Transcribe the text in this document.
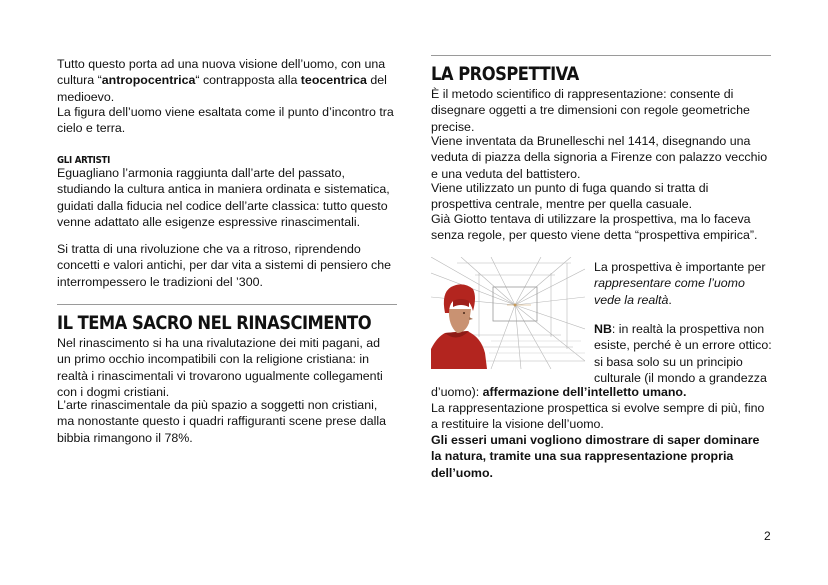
Tutto questo porta ad una nuova visione dell’uomo, con una cultura “antropocentrica“ contrapposta alla teocentrica del medioevo.

La figura dell’uomo viene esaltata come il punto d’incontro tra cielo e terra.

GLI ARTISTI

Eguagliano l’armonia raggiunta dall’arte del passato, studiando la cultura antica in maniera ordinata e sistematica, guidati dalla fiducia nel codice dell’arte classica: tutto questo venne adattato alle esigenze espressive rinascimentali.

Si tratta di una rivoluzione che va a ritroso, riprendendo concetti e valori antichi, per dar vita a sistemi di pensiero che interrompessero le tradizioni del ’300.

IL TEMA SACRO NEL RINASCIMENTO

Nel rinascimento si ha una rivalutazione dei miti pagani, ad un primo occhio incompatibili con la religione cristiana: in realtà i rinascimentali vi trovarono ugualmente collegamenti con i dogmi cristiani.

L’arte rinascimentale da più spazio a soggetti non cristiani, ma nonostante questo i quadri raffiguranti scene prese dalla bibbia rimangono il 78%.

LA PROSPETTIVA

È il metodo scientifico di rappresentazione: consente di disegnare oggetti a tre dimensioni con regole geometriche precise.

Viene inventata da Brunelleschi nel 1414, disegnando una veduta di piazza della signoria a Firenze con palazzo vecchio e una veduta del battistero.

Viene utilizzato un punto di fuga quando si tratta di prospettiva centrale, mentre per quella casuale.

Già Giotto tentava di utilizzare la prospettiva, ma lo faceva senza regole, per questo viene detta “prospettiva empirica”.

La prospettiva è importante per rappresentare come l’uomo vede la realtà.

NB: in realtà la prospettiva non esiste, perché è un errore ottico: si basa solo su un principio culturale (il mondo a grandezza

d’uomo): affermazione dell’intelletto umano.

La rappresentazione prospettica si evolve sempre di più, fino a restituire la visione dell’uomo.

Gli esseri umani vogliono dimostrare di saper dominare la natura, tramite una sua rappresentazione propria dell’uomo.

2
